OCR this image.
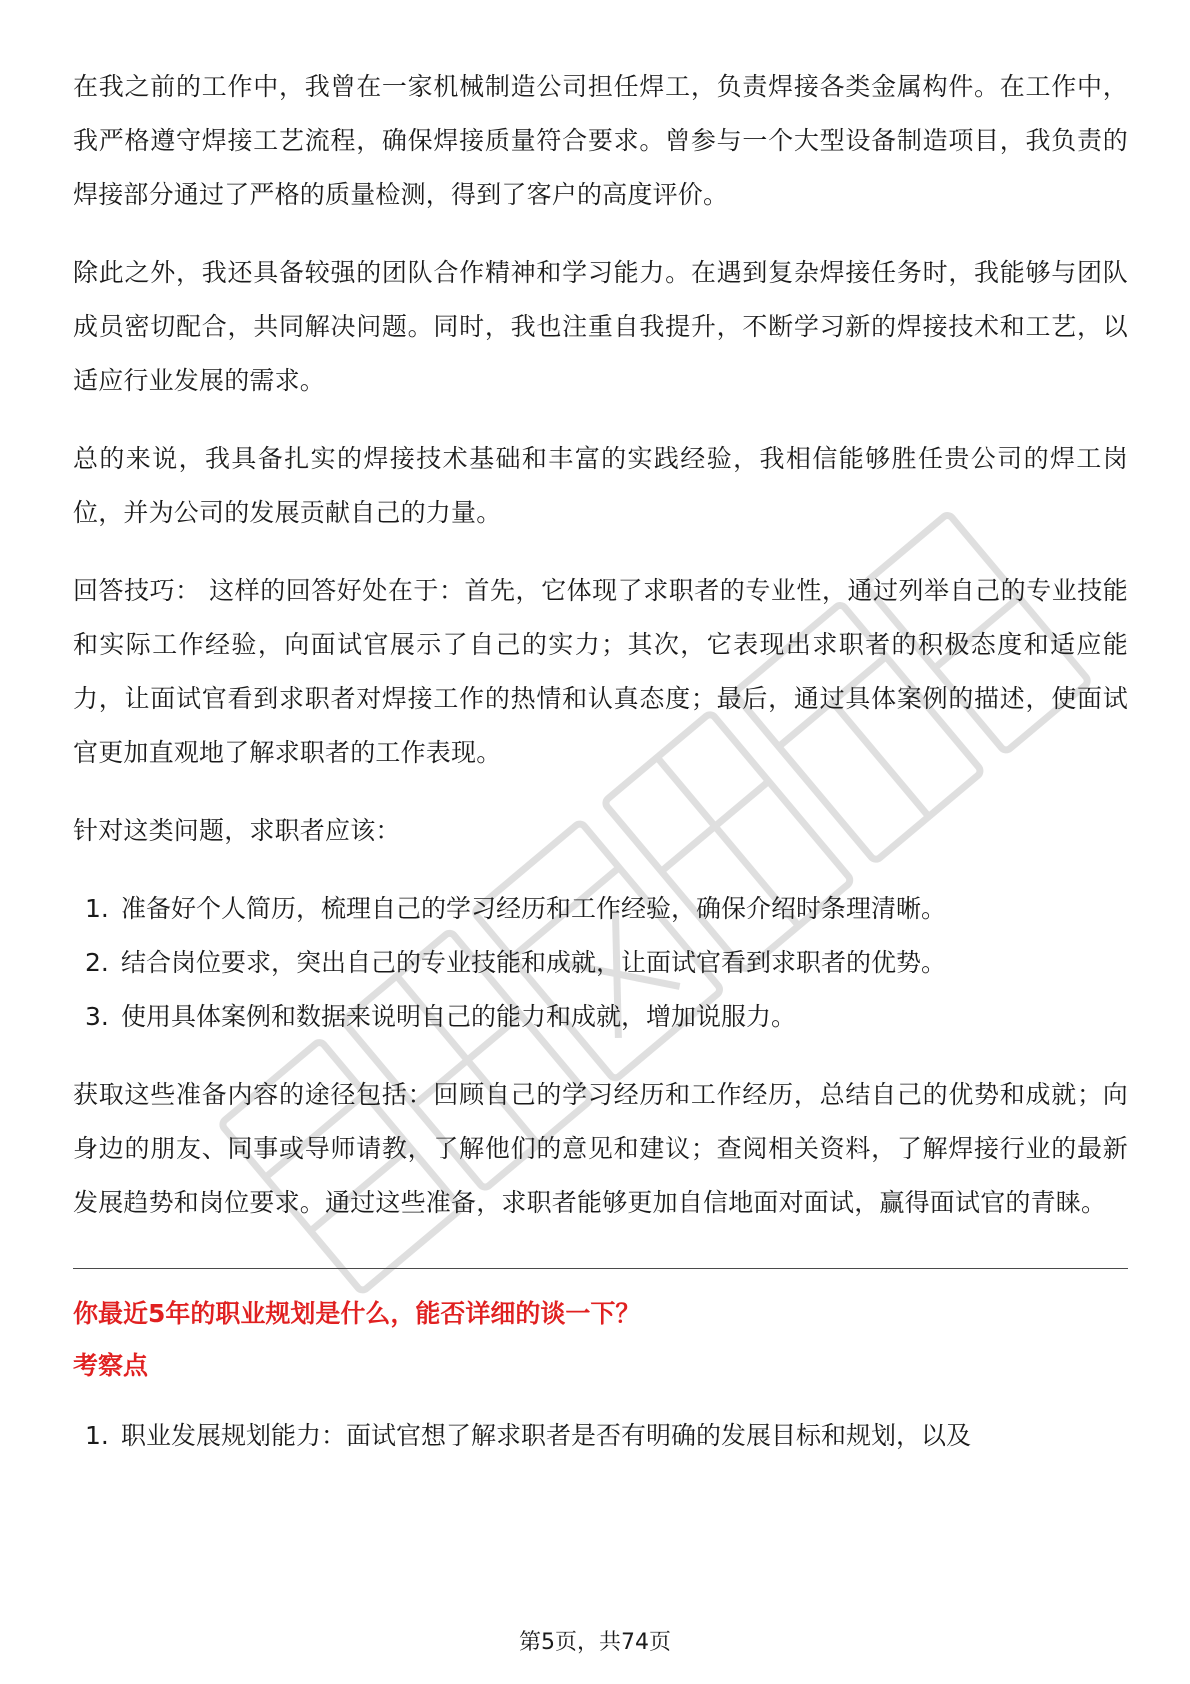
在我之前的工作中，我曾在一家机械制造公司担任焊工，负责焊接各类金属构件。在工作中，我严格遵守焊接工艺流程，确保焊接质量符合要求。曾参与一个大型设备制造项目，我负责的焊接部分通过了严格的质量检测，得到了客户的高度评价。

除此之外，我还具备较强的团队合作精神和学习能力。在遇到复杂焊接任务时，我能够与团队成员密切配合，共同解决问题。同时，我也注重自我提升，不断学习新的焊接技术和工艺，以适应行业发展的需求。

总的来说，我具备扎实的焊接技术基础和丰富的实践经验，我相信能够胜任贵公司的焊工岗位，并为公司的发展贡献自己的力量。

回答技巧： 这样的回答好处在于：首先，它体现了求职者的专业性，通过列举自己的专业技能和实际工作经验，向面试官展示了自己的实力；其次，它表现出求职者的积极态度和适应能力，让面试官看到求职者对焊接工作的热情和认真态度；最后，通过具体案例的描述，使面试官更加直观地了解求职者的工作表现。

针对这类问题，求职者应该：

1. 准备好个人简历，梳理自己的学习经历和工作经验，确保介绍时条理清晰。
2. 结合岗位要求，突出自己的专业技能和成就，让面试官看到求职者的优势。
3. 使用具体案例和数据来说明自己的能力和成就，增加说服力。

获取这些准备内容的途径包括：回顾自己的学习经历和工作经历，总结自己的优势和成就；向身边的朋友、同事或导师请教，了解他们的意见和建议；查阅相关资料，了解焊接行业的最新发展趋势和岗位要求。通过这些准备，求职者能够更加自信地面对面试，赢得面试官的青睐。

你最近5年的职业规划是什么，能否详细的谈一下？
考察点
1. 职业发展规划能力：面试官想了解求职者是否有明确的发展目标和规划，以及
第5页，共74页
